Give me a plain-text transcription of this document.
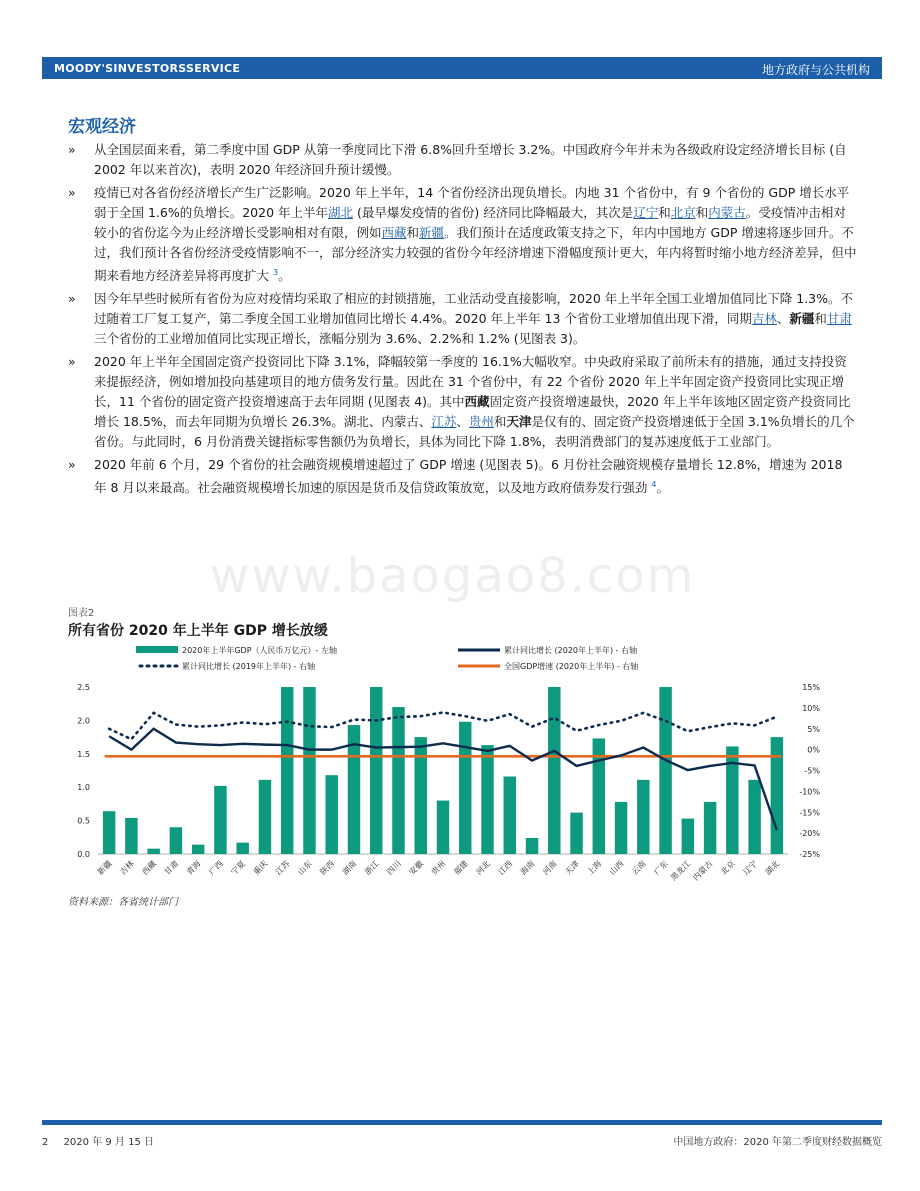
MOODY'SINVESTORSSERVICE	地方政府与公共机构
宏观经济
» 从全国层面来看，第二季度中国 GDP 从第一季度同比下滑 6.8%回升至增长 3.2%。中国政府今年并未为各级政府设定经济增长目标 (自 2002 年以来首次)，表明 2020 年经济回升预计缓慢。
» 疫情已对各省份经济增长产生广泛影响。2020 年上半年，14 个省份经济出现负增长。内地 31 个省份中，有 9 个省份的 GDP 增长水平弱于全国 1.6%的负增长。2020 年上半年湖北 (最早爆发疫情的省份) 经济同比降幅最大，其次是辽宁和北京和内蒙古。受疫情冲击相对较小的省份迄今为止经济增长受影响相对有限，例如西藏和新疆。我们预计在适度政策支持之下，年内中国地方 GDP 增速将逐步回升。不过，我们预计各省份经济受疫情影响不一，部分经济实力较强的省份今年经济增速下滑幅度预计更大，年内将暂时缩小地方经济差异，但中期来看地方经济差异将再度扩大 $^3$。
» 因今年早些时候所有省份为应对疫情均采取了相应的封锁措施，工业活动受直接影响，2020 年上半年全国工业增加值同比下降 1.3%。不过随着工厂复工复产，第二季度全国工业增加值同比增长 4.4%。2020 年上半年 13 个省份工业增加值出现下滑，同期吉林、新疆和甘肃三个省份的工业增加值同比实现正增长，涨幅分别为 3.6%、2.2%和 1.2% (见图表 3)。
» 2020 年上半年全国固定资产投资同比下降 3.1%，降幅较第一季度的 16.1%大幅收窄。中央政府采取了前所未有的措施，通过支持投资来提振经济，例如增加投向基建项目的地方债务发行量。因此在 31 个省份中，有 22 个省份 2020 年上半年固定资产投资同比实现正增长，11 个省份的固定资产投资增速高于去年同期 (见图表 4)。其中西藏固定资产投资增速最快，2020 年上半年该地区固定资产投资同比增长 18.5%，而去年同期为负增长 26.3%。湖北、内蒙古、江苏、贵州和天津是仅有的、固定资产投资增速低于全国 3.1%负增长的几个省份。与此同时，6 月份消费关键指标零售额仍为负增长，具体为同比下降 1.8%，表明消费部门的复苏速度低于工业部门。
» 2020 年前 6 个月，29 个省份的社会融资规模增速超过了 GDP 增速 (见图表 5)。6 月份社会融资规模存量增长 12.8%，增速为 2018 年 8 月以来最高。社会融资规模增长加速的原因是货币及信贷政策放宽，以及地方政府债券发行强劲 $^4$。
www.baogao8.com
图表2
所有省份 2020 年上半年 GDP 增长放缓
2020年上半年GDP（人民币万亿元）- 左轴	累计同比增长 (2020年上半年) - 右轴
累计同比增长 (2019年上半年) - 右轴	全国GDP增速 (2020年上半年) - 右轴
0.0
0.5
1.0
1.5
2.0
2.5
-25%
-20%
-15%
-10%
-5%
0%
5%
10%
15%
新疆 吉林 西藏 甘肃 青海 广西 宁夏 重庆 江苏 山东 陕西 湖南 浙江 四川 安徽 贵州 福建 河北 江西 海南 河南 天津 上海 山西 云南 广东
黑龙江
内蒙古 北京 辽宁 湖北
资料来源：各省统计部门
2 2020 年 9 月 15 日	中国地方政府：2020 年第二季度财经数据概览
